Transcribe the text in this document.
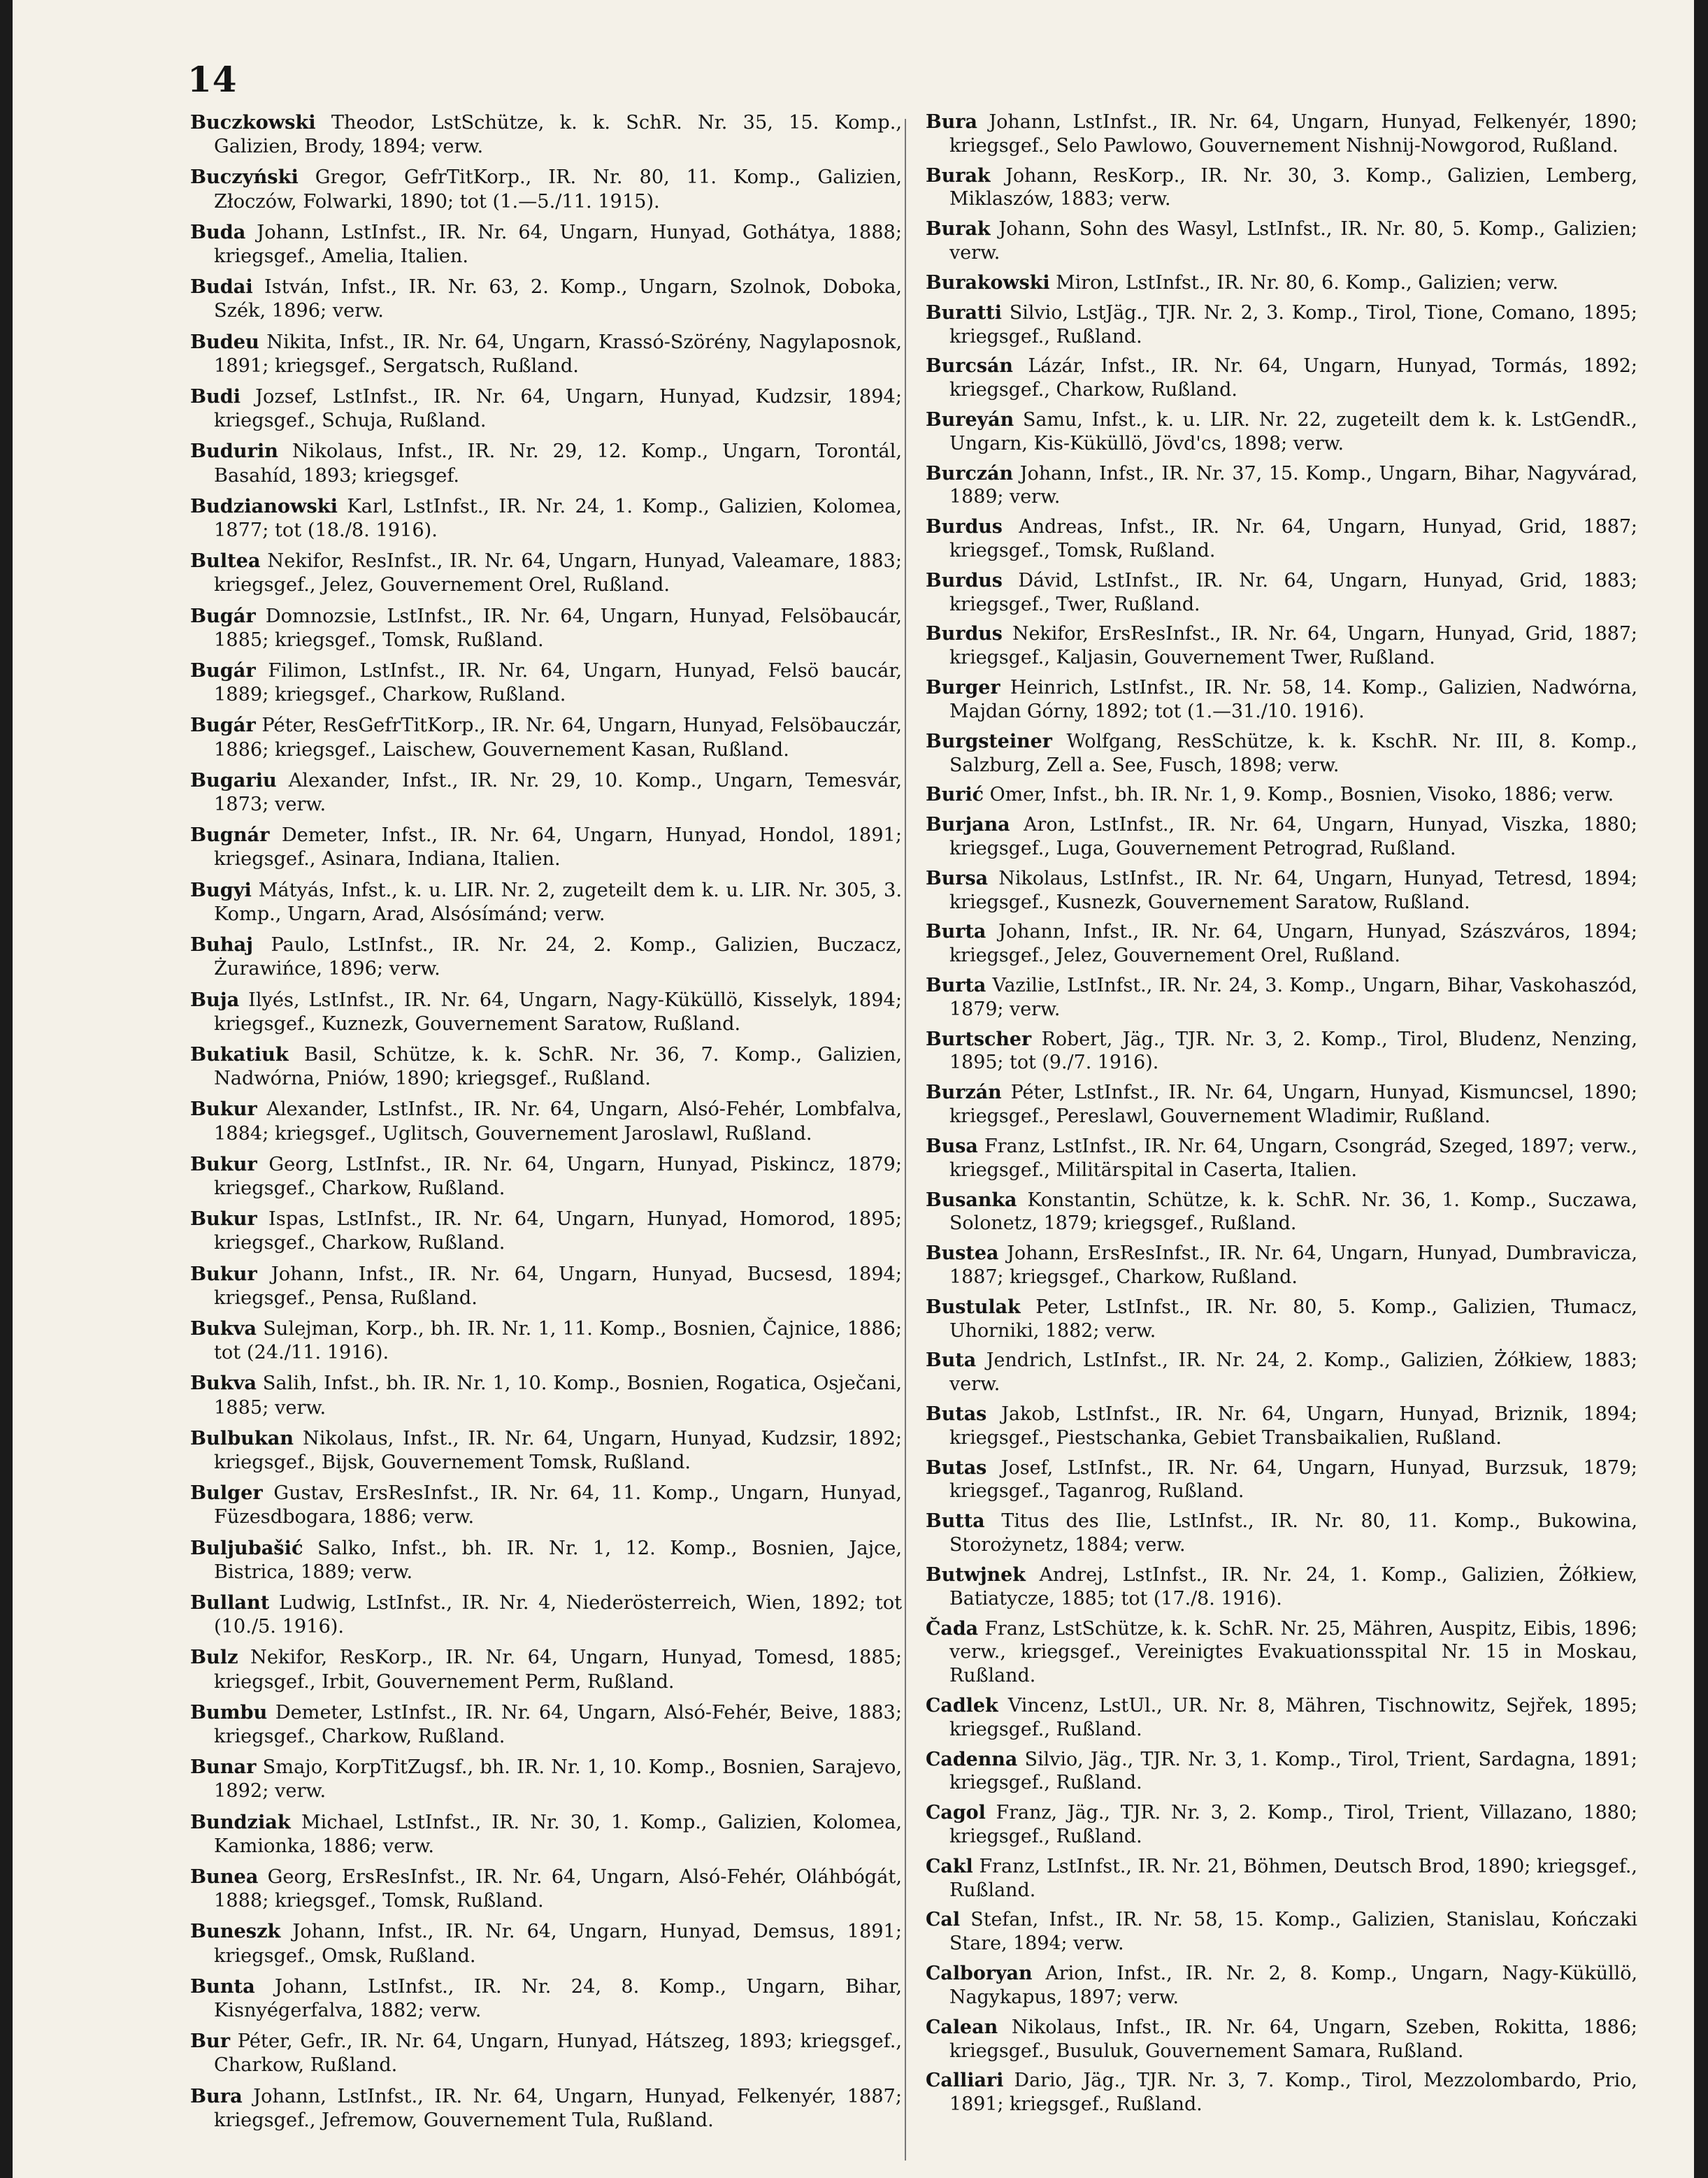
14

Buczkowski Theodor, LstSchütze, k. k. SchR. Nr. 35, 15. Komp., Galizien, Brody, 1894; verw.

Buczyński Gregor, GefrTitKorp., IR. Nr. 80, 11. Komp., Galizien, Złoczów, Folwarki, 1890; tot (1.—5./11. 1915).

Buda Johann, LstInfst., IR. Nr. 64, Ungarn, Hunyad, Gothátya, 1888; kriegsgef., Amelia, Italien.

Budai István, Infst., IR. Nr. 63, 2. Komp., Ungarn, Szolnok, Doboka, Szék, 1896; verw.

Budeu Nikita, Infst., IR. Nr. 64, Ungarn, Krassó-Szörény, Nagylaposnok, 1891; kriegsgef., Sergatsch, Rußland.

Budi Jozsef, LstInfst., IR. Nr. 64, Ungarn, Hunyad, Kudzsir, 1894; kriegsgef., Schuja, Rußland.

Budurin Nikolaus, Infst., IR. Nr. 29, 12. Komp., Ungarn, Torontál, Basahíd, 1893; kriegsgef.

Budzianowski Karl, LstInfst., IR. Nr. 24, 1. Komp., Galizien, Kolomea, 1877; tot (18./8. 1916).

Bultea Nekifor, ResInfst., IR. Nr. 64, Ungarn, Hunyad, Valeamare, 1883; kriegsgef., Jelez, Gouvernement Orel, Rußland.

Bugár Domnozsie, LstInfst., IR. Nr. 64, Ungarn, Hunyad, Felsöbaucár, 1885; kriegsgef., Tomsk, Rußland.

Bugár Filimon, LstInfst., IR. Nr. 64, Ungarn, Hunyad, Felsö baucár, 1889; kriegsgef., Charkow, Rußland.

Bugár Péter, ResGefrTitKorp., IR. Nr. 64, Ungarn, Hunyad, Felsöbauczár, 1886; kriegsgef., Laischew, Gouvernement Kasan, Rußland.

Bugariu Alexander, Infst., IR. Nr. 29, 10. Komp., Ungarn, Temesvár, 1873; verw.

Bugnár Demeter, Infst., IR. Nr. 64, Ungarn, Hunyad, Hondol, 1891; kriegsgef., Asinara, Indiana, Italien.

Bugyi Mátyás, Infst., k. u. LIR. Nr. 2, zugeteilt dem k. u. LIR. Nr. 305, 3. Komp., Ungarn, Arad, Alsósímánd; verw.

Buhaj Paulo, LstInfst., IR. Nr. 24, 2. Komp., Galizien, Buczacz, Żurawińce, 1896; verw.

Buja Ilyés, LstInfst., IR. Nr. 64, Ungarn, Nagy-Küküllö, Kisselyk, 1894; kriegsgef., Kuznezk, Gouvernement Saratow, Rußland.

Bukatiuk Basil, Schütze, k. k. SchR. Nr. 36, 7. Komp., Galizien, Nadwórna, Pniów, 1890; kriegsgef., Rußland.

Bukur Alexander, LstInfst., IR. Nr. 64, Ungarn, Alsó-Fehér, Lombfalva, 1884; kriegsgef., Uglitsch, Gouvernement Jaroslawl, Rußland.

Bukur Georg, LstInfst., IR. Nr. 64, Ungarn, Hunyad, Piskincz, 1879; kriegsgef., Charkow, Rußland.

Bukur Ispas, LstInfst., IR. Nr. 64, Ungarn, Hunyad, Homorod, 1895; kriegsgef., Charkow, Rußland.

Bukur Johann, Infst., IR. Nr. 64, Ungarn, Hunyad, Bucsesd, 1894; kriegsgef., Pensa, Rußland.

Bukva Sulejman, Korp., bh. IR. Nr. 1, 11. Komp., Bosnien, Čajnice, 1886; tot (24./11. 1916).

Bukva Salih, Infst., bh. IR. Nr. 1, 10. Komp., Bosnien, Rogatica, Osječani, 1885; verw.

Bulbukan Nikolaus, Infst., IR. Nr. 64, Ungarn, Hunyad, Kudzsir, 1892; kriegsgef., Bijsk, Gouvernement Tomsk, Rußland.

Bulger Gustav, ErsResInfst., IR. Nr. 64, 11. Komp., Ungarn, Hunyad, Füzesdbogara, 1886; verw.

Buljubašić Salko, Infst., bh. IR. Nr. 1, 12. Komp., Bosnien, Jajce, Bistrica, 1889; verw.

Bullant Ludwig, LstInfst., IR. Nr. 4, Niederösterreich, Wien, 1892; tot (10./5. 1916).

Bulz Nekifor, ResKorp., IR. Nr. 64, Ungarn, Hunyad, Tomesd, 1885; kriegsgef., Irbit, Gouvernement Perm, Rußland.

Bumbu Demeter, LstInfst., IR. Nr. 64, Ungarn, Alsó-Fehér, Beive, 1883; kriegsgef., Charkow, Rußland.

Bunar Smajo, KorpTitZugsf., bh. IR. Nr. 1, 10. Komp., Bosnien, Sarajevo, 1892; verw.

Bundziak Michael, LstInfst., IR. Nr. 30, 1. Komp., Galizien, Kolomea, Kamionka, 1886; verw.

Bunea Georg, ErsResInfst., IR. Nr. 64, Ungarn, Alsó-Fehér, Oláhbógát, 1888; kriegsgef., Tomsk, Rußland.

Buneszk Johann, Infst., IR. Nr. 64, Ungarn, Hunyad, Demsus, 1891; kriegsgef., Omsk, Rußland.

Bunta Johann, LstInfst., IR. Nr. 24, 8. Komp., Ungarn, Bihar, Kisnyégerfalva, 1882; verw.

Bur Péter, Gefr., IR. Nr. 64, Ungarn, Hunyad, Hátszeg, 1893; kriegsgef., Charkow, Rußland.

Bura Johann, LstInfst., IR. Nr. 64, Ungarn, Hunyad, Felkenyér, 1887; kriegsgef., Jefremow, Gouvernement Tula, Rußland.

Bura Johann, LstInfst., IR. Nr. 64, Ungarn, Hunyad, Felkenyér, 1890; kriegsgef., Selo Pawlowo, Gouvernement Nishnij-Nowgorod, Rußland.

Burak Johann, ResKorp., IR. Nr. 30, 3. Komp., Galizien, Lemberg, Miklaszów, 1883; verw.

Burak Johann, Sohn des Wasyl, LstInfst., IR. Nr. 80, 5. Komp., Galizien; verw.

Burakowski Miron, LstInfst., IR. Nr. 80, 6. Komp., Galizien; verw.

Buratti Silvio, LstJäg., TJR. Nr. 2, 3. Komp., Tirol, Tione, Comano, 1895; kriegsgef., Rußland.

Burcsán Lázár, Infst., IR. Nr. 64, Ungarn, Hunyad, Tormás, 1892; kriegsgef., Charkow, Rußland.

Bureyán Samu, Infst., k. u. LIR. Nr. 22, zugeteilt dem k. k. LstGendR., Ungarn, Kis-Küküllö, Jövd'cs, 1898; verw.

Burczán Johann, Infst., IR. Nr. 37, 15. Komp., Ungarn, Bihar, Nagyvárad, 1889; verw.

Burdus Andreas, Infst., IR. Nr. 64, Ungarn, Hunyad, Grid, 1887; kriegsgef., Tomsk, Rußland.

Burdus Dávid, LstInfst., IR. Nr. 64, Ungarn, Hunyad, Grid, 1883; kriegsgef., Twer, Rußland.

Burdus Nekifor, ErsResInfst., IR. Nr. 64, Ungarn, Hunyad, Grid, 1887; kriegsgef., Kaljasin, Gouvernement Twer, Rußland.

Burger Heinrich, LstInfst., IR. Nr. 58, 14. Komp., Galizien, Nadwórna, Majdan Górny, 1892; tot (1.—31./10. 1916).

Burgsteiner Wolfgang, ResSchütze, k. k. KschR. Nr. III, 8. Komp., Salzburg, Zell a. See, Fusch, 1898; verw.

Burić Omer, Infst., bh. IR. Nr. 1, 9. Komp., Bosnien, Visoko, 1886; verw.

Burjana Aron, LstInfst., IR. Nr. 64, Ungarn, Hunyad, Viszka, 1880; kriegsgef., Luga, Gouvernement Petrograd, Rußland.

Bursa Nikolaus, LstInfst., IR. Nr. 64, Ungarn, Hunyad, Tetresd, 1894; kriegsgef., Kusnezk, Gouvernement Saratow, Rußland.

Burta Johann, Infst., IR. Nr. 64, Ungarn, Hunyad, Szászváros, 1894; kriegsgef., Jelez, Gouvernement Orel, Rußland.

Burta Vazilie, LstInfst., IR. Nr. 24, 3. Komp., Ungarn, Bihar, Vaskohaszód, 1879; verw.

Burtscher Robert, Jäg., TJR. Nr. 3, 2. Komp., Tirol, Bludenz, Nenzing, 1895; tot (9./7. 1916).

Burzán Péter, LstInfst., IR. Nr. 64, Ungarn, Hunyad, Kismuncsel, 1890; kriegsgef., Pereslawl, Gouvernement Wladimir, Rußland.

Busa Franz, LstInfst., IR. Nr. 64, Ungarn, Csongrád, Szeged, 1897; verw., kriegsgef., Militärspital in Caserta, Italien.

Busanka Konstantin, Schütze, k. k. SchR. Nr. 36, 1. Komp., Suczawa, Solonetz, 1879; kriegsgef., Rußland.

Bustea Johann, ErsResInfst., IR. Nr. 64, Ungarn, Hunyad, Dumbravicza, 1887; kriegsgef., Charkow, Rußland.

Bustulak Peter, LstInfst., IR. Nr. 80, 5. Komp., Galizien, Tłumacz, Uhorniki, 1882; verw.

Buta Jendrich, LstInfst., IR. Nr. 24, 2. Komp., Galizien, Żółkiew, 1883; verw.

Butas Jakob, LstInfst., IR. Nr. 64, Ungarn, Hunyad, Briznik, 1894; kriegsgef., Piestschanka, Gebiet Transbaikalien, Rußland.

Butas Josef, LstInfst., IR. Nr. 64, Ungarn, Hunyad, Burzsuk, 1879; kriegsgef., Taganrog, Rußland.

Butta Titus des Ilie, LstInfst., IR. Nr. 80, 11. Komp., Bukowina, Storożynetz, 1884; verw.

Butwjnek Andrej, LstInfst., IR. Nr. 24, 1. Komp., Galizien, Żółkiew, Batiatycze, 1885; tot (17./8. 1916).

Čada Franz, LstSchütze, k. k. SchR. Nr. 25, Mähren, Auspitz, Eibis, 1896; verw., kriegsgef., Vereinigtes Evakuationsspital Nr. 15 in Moskau, Rußland.

Cadlek Vincenz, LstUl., UR. Nr. 8, Mähren, Tischnowitz, Sejřek, 1895; kriegsgef., Rußland.

Cadenna Silvio, Jäg., TJR. Nr. 3, 1. Komp., Tirol, Trient, Sardagna, 1891; kriegsgef., Rußland.

Cagol Franz, Jäg., TJR. Nr. 3, 2. Komp., Tirol, Trient, Villazano, 1880; kriegsgef., Rußland.

Cakl Franz, LstInfst., IR. Nr. 21, Böhmen, Deutsch Brod, 1890; kriegsgef., Rußland.

Cal Stefan, Infst., IR. Nr. 58, 15. Komp., Galizien, Stanislau, Kończaki Stare, 1894; verw.

Calboryan Arion, Infst., IR. Nr. 2, 8. Komp., Ungarn, Nagy-Küküllö, Nagykapus, 1897; verw.

Calean Nikolaus, Infst., IR. Nr. 64, Ungarn, Szeben, Rokitta, 1886; kriegsgef., Busuluk, Gouvernement Samara, Rußland.

Calliari Dario, Jäg., TJR. Nr. 3, 7. Komp., Tirol, Mezzolombardo, Prio, 1891; kriegsgef., Rußland.
